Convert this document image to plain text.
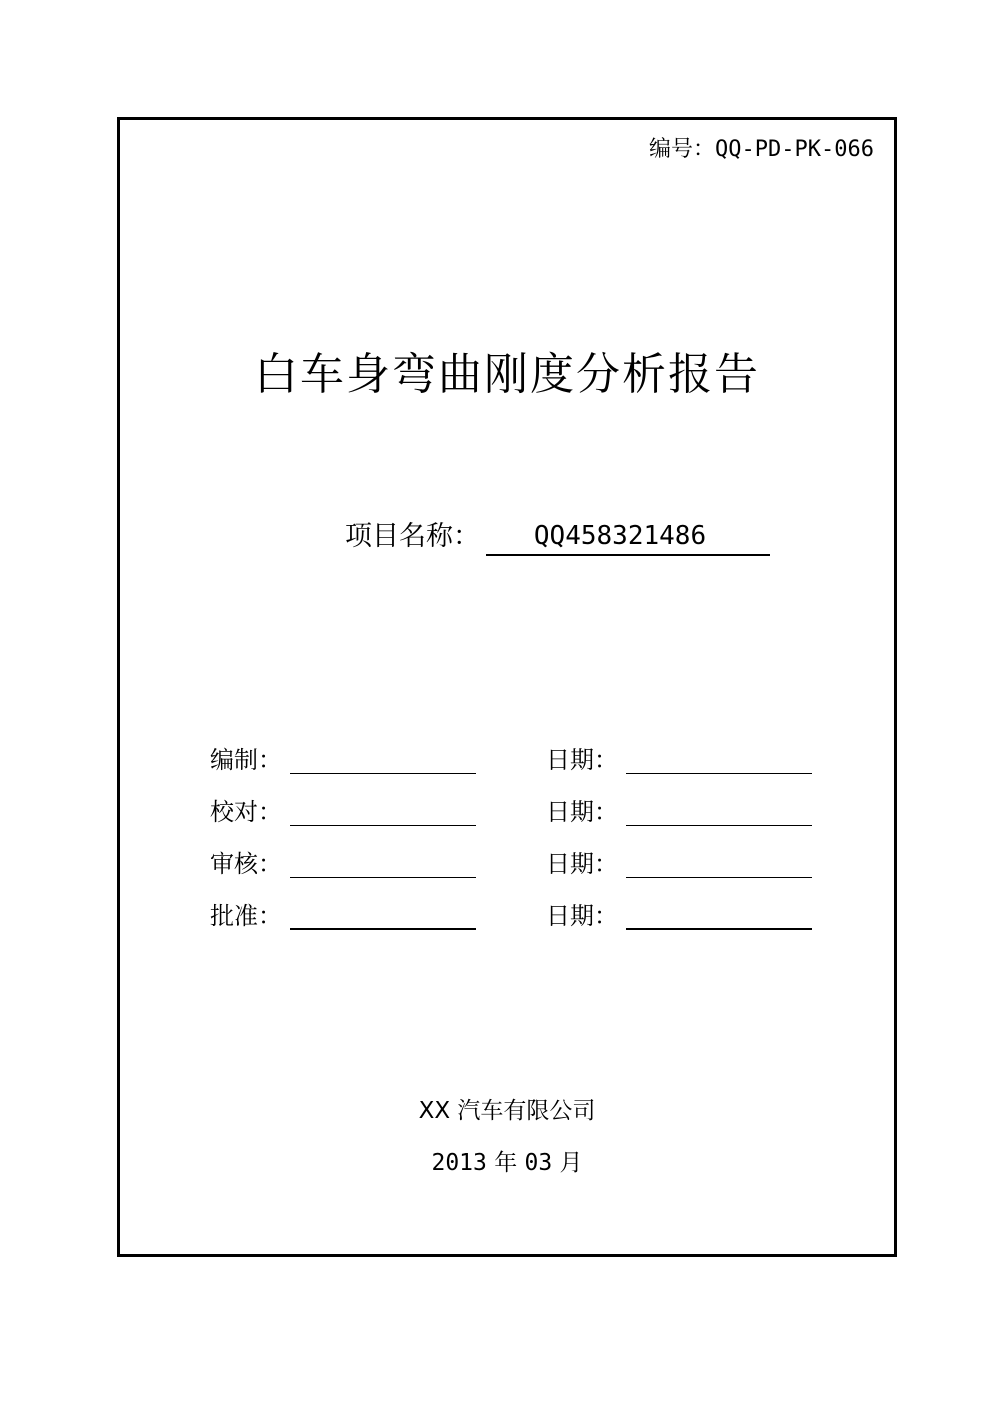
编号：QQ-PD-PK-066
白车身弯曲刚度分析报告
项目名称：	QQ458321486
编制：	日期：
校对：	日期：
审核：	日期：
批准：	日期：
XX 汽车有限公司
2013 年 03 月
